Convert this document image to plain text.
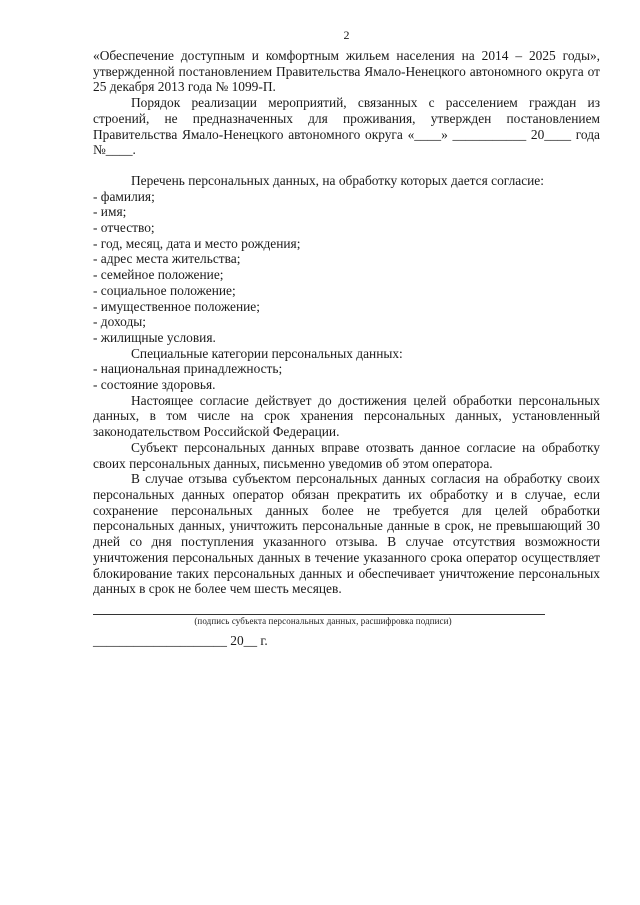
2

«Обеспечение доступным и комфортным жильем населения на 2014 – 2025 годы», утвержденной постановлением Правительства Ямало-Ненецкого автономного округа от 25 декабря 2013 года № 1099-П.

Порядок реализации мероприятий, связанных с расселением граждан из строений, не предназначенных для проживания, утвержден постановлением Правительства Ямало-Ненецкого автономного округа «____» ___________ 20____ года №____.

Перечень персональных данных, на обработку которых дается согласие:

- фамилия;
- имя;
- отчество;
- год, месяц, дата и место рождения;
- адрес места жительства;
- семейное положение;
- социальное положение;
- имущественное положение;
- доходы;
- жилищные условия.

Специальные категории персональных данных:

- национальная принадлежность;
- состояние здоровья.

Настоящее согласие действует до достижения целей обработки персональных данных, в том числе на срок хранения персональных данных, установленный законодательством Российской Федерации.

Субъект персональных данных вправе отозвать данное согласие на обработку своих персональных данных, письменно уведомив об этом оператора.

В случае отзыва субъектом персональных данных согласия на обработку своих персональных данных оператор обязан прекратить их обработку и в случае, если сохранение персональных данных более не требуется для целей обработки персональных данных, уничтожить персональные данные в срок, не превышающий 30 дней со дня поступления указанного отзыва. В случае отсутствия возможности уничтожения персональных данных в течение указанного срока оператор осуществляет блокирование таких персональных данных и обеспечивает уничтожение персональных данных в срок не более чем шесть месяцев.

(подпись субъекта персональных данных, расшифровка подписи)
____________________ 20__ г.
